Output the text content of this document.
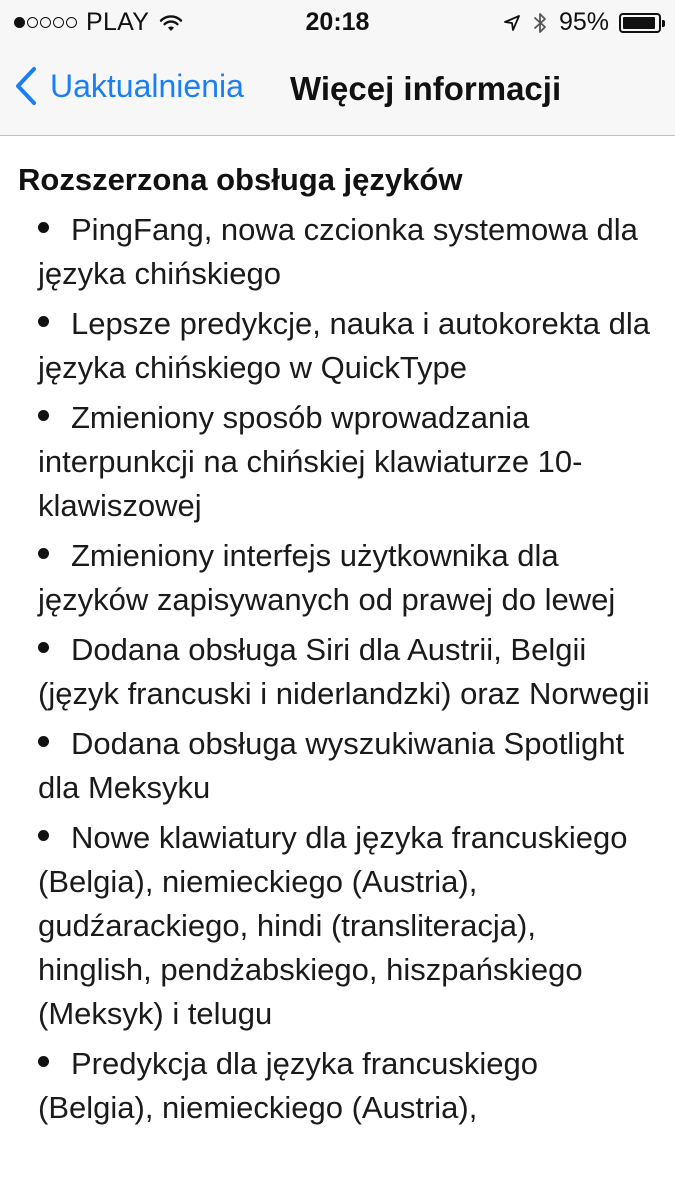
PLAY	20:18	95%
Uaktualnienia Więcej informacji
Rozszerzona obsługa języków
PingFang, nowa czcionka systemowa dla języka chińskiego
Lepsze predykcje, nauka i autokorekta dla języka chińskiego w QuickType
Zmieniony sposób wprowadzania interpunkcji na chińskiej klawiaturze 10-klawiszowej
Zmieniony interfejs użytkownika dla języków zapisywanych od prawej do lewej
Dodana obsługa Siri dla Austrii, Belgii (język francuski i niderlandzki) oraz Norwegii
Dodana obsługa wyszukiwania Spotlight dla Meksyku
Nowe klawiatury dla języka francuskiego (Belgia), niemieckiego (Austria), gudźarackiego, hindi (transliteracja), hinglish, pendżabskiego, hiszpańskiego (Meksyk) i telugu
Predykcja dla języka francuskiego (Belgia), niemieckiego (Austria),
